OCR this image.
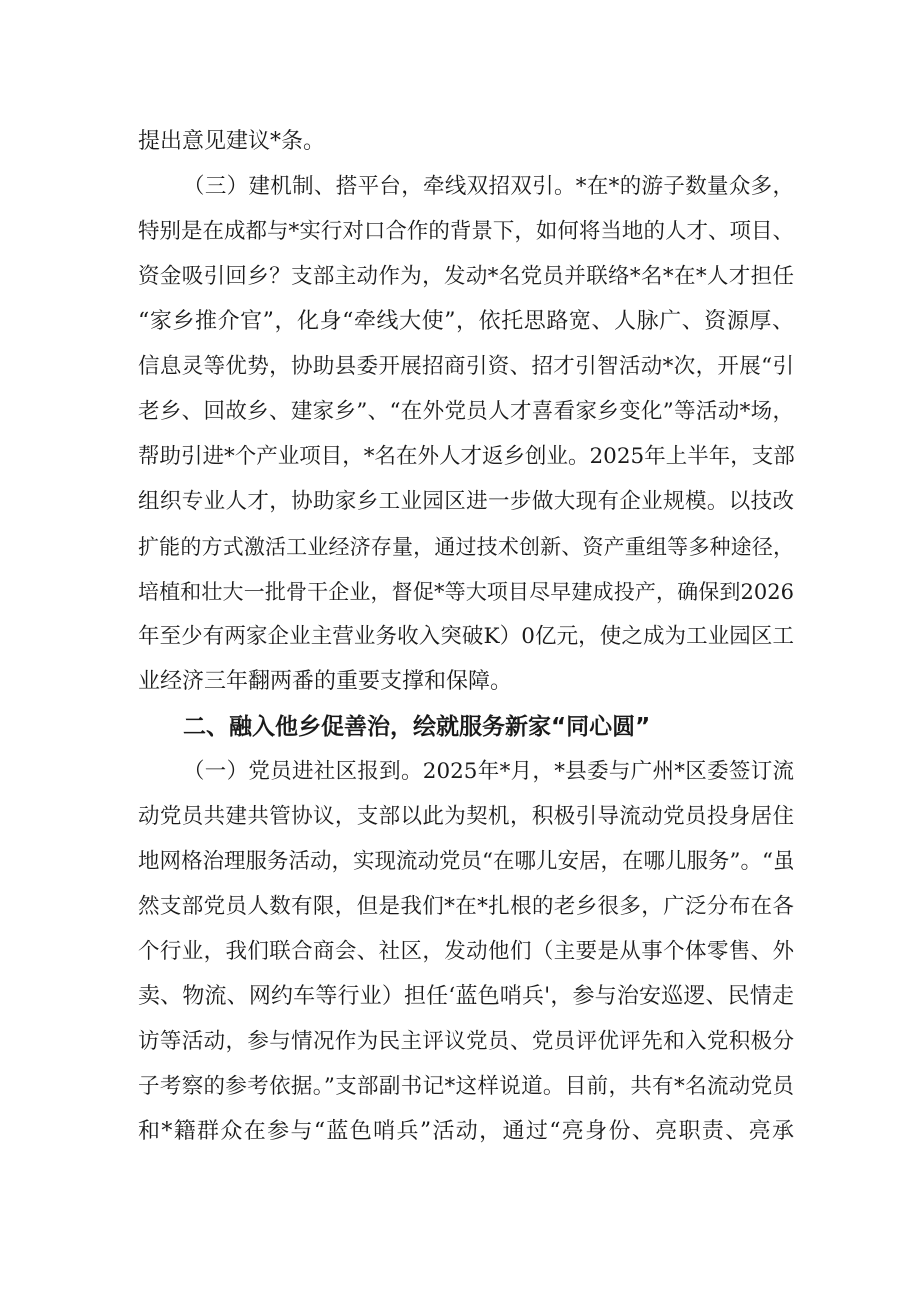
提出意见建议*条。
（三）建机制、搭平台，牵线双招双引。*在*的游子数量众多，
特别是在成都与*实行对口合作的背景下，如何将当地的人才、项目、
资金吸引回乡？支部主动作为，发动*名党员并联络*名*在*人才担任
“家乡推介官”，化身“牵线大使”，依托思路宽、人脉广、资源厚、
信息灵等优势，协助县委开展招商引资、招才引智活动*次，开展“引
老乡、回故乡、建家乡”、“在外党员人才喜看家乡变化”等活动*场，
帮助引进*个产业项目，*名在外人才返乡创业。2025年上半年，支部
组织专业人才，协助家乡工业园区进一步做大现有企业规模。以技改
扩能的方式激活工业经济存量，通过技术创新、资产重组等多种途径，
培植和壮大一批骨干企业，督促*等大项目尽早建成投产，确保到2026
年至少有两家企业主营业务收入突破K）0亿元，使之成为工业园区工
业经济三年翻两番的重要支撑和保障。
二、融入他乡促善治，绘就服务新家“同心圆”
（一）党员进社区报到。2025年*月，*县委与广州*区委签订流
动党员共建共管协议，支部以此为契机，积极引导流动党员投身居住
地网格治理服务活动，实现流动党员“在哪儿安居，在哪儿服务”。“虽
然支部党员人数有限，但是我们*在*扎根的老乡很多，广泛分布在各
个行业，我们联合商会、社区，发动他们（主要是从事个体零售、外
卖、物流、网约车等行业）担任‘蓝色哨兵'，参与治安巡逻、民情走
访等活动，参与情况作为民主评议党员、党员评优评先和入党积极分
子考察的参考依据。”支部副书记*这样说道。目前，共有*名流动党员
和*籍群众在参与“蓝色哨兵”活动，通过“亮身份、亮职责、亮承
